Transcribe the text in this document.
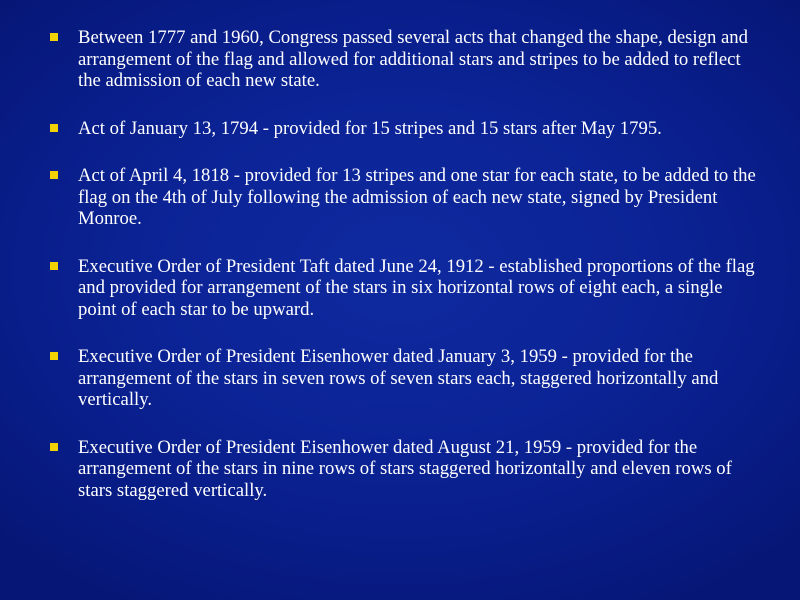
Between 1777 and 1960, Congress passed several acts that changed the shape, design and arrangement of the flag and allowed for additional stars and stripes to be added to reflect the admission of each new state.
Act of January 13, 1794 - provided for 15 stripes and 15 stars after May 1795.
Act of April 4, 1818 - provided for 13 stripes and one star for each state, to be added to the flag on the 4th of July following the admission of each new state, signed by President Monroe.
Executive Order of President Taft dated June 24, 1912 - established proportions of the flag and provided for arrangement of the stars in six horizontal rows of eight each, a single point of each star to be upward.
Executive Order of President Eisenhower dated January 3, 1959 - provided for the arrangement of the stars in seven rows of seven stars each, staggered horizontally and vertically.
Executive Order of President Eisenhower dated August 21, 1959 - provided for the arrangement of the stars in nine rows of stars staggered horizontally and eleven rows of stars staggered vertically.
